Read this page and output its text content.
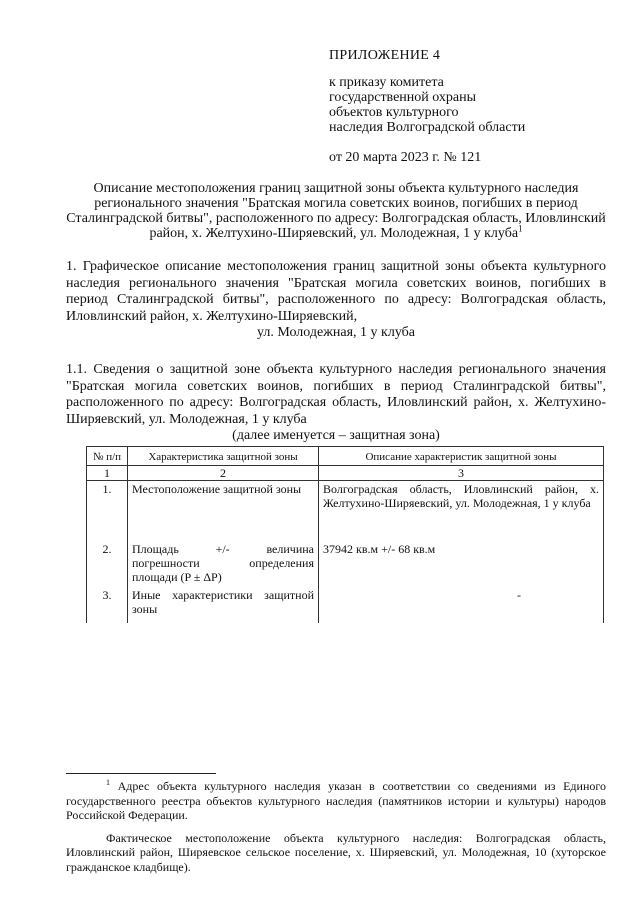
ПРИЛОЖЕНИЕ 4
к приказу комитета
государственной охраны
объектов культурного
наследия Волгоградской области
от 20 марта 2023 г. № 121
Описание местоположения границ защитной зоны объекта культурного наследия регионального значения "Братская могила советских воинов, погибших в период Сталинградской битвы", расположенного по адресу: Волгоградская область, Иловлинский район, х. Желтухино-Ширяевский, ул. Молодежная, 1 у клуба$^1$
1. Графическое описание местоположения границ защитной зоны объекта культурного наследия регионального значения "Братская могила советских воинов, погибших в период Сталинградской битвы", расположенного по адресу: Волгоградская область, Иловлинский район, х. Желтухино-Ширяевский,
ул. Молодежная, 1 у клуба
1.1. Сведения о защитной зоне объекта культурного наследия регионального значения "Братская могила советских воинов, погибших в период Сталинградской битвы", расположенного по адресу: Волгоградская область, Иловлинский район, х. Желтухино-Ширяевский, ул. Молодежная, 1 у клуба
(далее именуется – защитная зона)
№ п/п	Характеристика защитной зоны	Описание характеристик защитной зоны
1	2	3
1.	Местоположение защитной зоны	Волгоградская область, Иловлинский район, х. Желтухино-Ширяевский, ул. Молодежная, 1 у клуба
2.	Площадь +/- величина погрешности определения площади (P ± ΔP)	37942 кв.м +/- 68 кв.м
3.	Иные характеристики защитной зоны	-

$^1$ Адрес объекта культурного наследия указан в соответствии со сведениями из Единого государственного реестра объектов культурного наследия (памятников истории и культуры) народов Российской Федерации.

Фактическое местоположение объекта культурного наследия: Волгоградская область, Иловлинский район, Ширяевское сельское поселение, х. Ширяевский, ул. Молодежная, 10 (хуторское гражданское кладбище).
